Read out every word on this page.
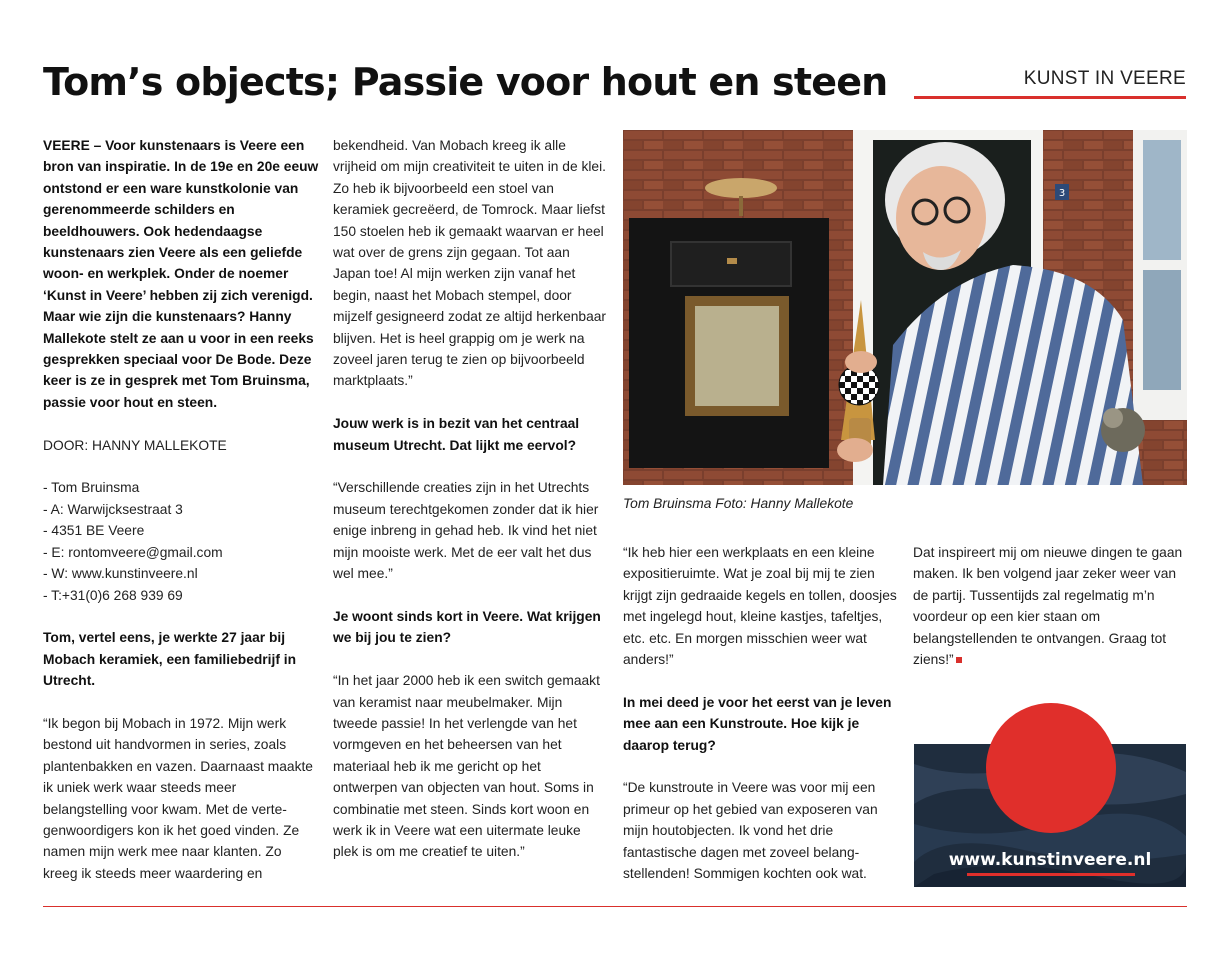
Tom’s objects; Passie voor hout en steen	KUNST IN VEERE

VEERE – Voor kunstenaars is Veere een bron van inspiratie. In de 19e en 20e eeuw ontstond er een ware kunstkolonie van gerenommeerde schilders en beeldhouwers. Ook hedendaagse kunstenaars zien Veere als een geliefde woon- en werkplek. Onder de noemer ‘Kunst in Veere’ hebben zij zich verenigd. Maar wie zijn die kunstenaars? Hanny Mallekote stelt ze aan u voor in een reeks gesprekken speciaal voor De Bode. Deze keer is ze in gesprek met Tom Bruinsma, passie voor hout en steen.

DOOR: HANNY MALLEKOTE

- Tom Bruinsma

- A: Warwijcksestraat 3

- 4351 BE Veere

- E: rontomveere@gmail.com

- W: www.kunstinveere.nl

- T:+31(0)6 268 939 69

Tom, vertel eens, je werkte 27 jaar bij Mobach keramiek, een familiebedrijf in Utrecht.

“Ik begon bij Mobach in 1972. Mijn werk bestond uit handvormen in series, zoals plantenbakken en vazen. Daarnaast maakte ik uniek werk waar steeds meer belangstelling voor kwam. Met de verte-genwoordigers kon ik het goed vinden. Ze namen mijn werk mee naar klanten. Zo kreeg ik steeds meer waardering en

bekendheid. Van Mobach kreeg ik alle vrijheid om mijn creativiteit te uiten in de klei. Zo heb ik bijvoorbeeld een stoel van keramiek gecreëerd, de Tomrock. Maar liefst 150 stoelen heb ik gemaakt waarvan er heel wat over de grens zijn gegaan. Tot aan Japan toe! Al mijn werken zijn vanaf het begin, naast het Mobach stempel, door mijzelf gesigneerd zodat ze altijd herkenbaar blijven. Het is heel grappig om je werk na zoveel jaren terug te zien op bijvoorbeeld marktplaats.”

Jouw werk is in bezit van het centraal museum Utrecht. Dat lijkt me eervol?

“Verschillende creaties zijn in het Utrechts museum terechtgekomen zonder dat ik hier enige inbreng in gehad heb. Ik vind het niet mijn mooiste werk. Met de eer valt het dus wel mee.”

Je woont sinds kort in Veere. Wat krijgen we bij jou te zien?

“In het jaar 2000 heb ik een switch gemaakt van keramist naar meubelmaker. Mijn tweede passie! In het verlengde van het vormgeven en het beheersen van het materiaal heb ik me gericht op het ontwerpen van objecten van hout. Soms in combinatie met steen. Sinds kort woon en werk ik in Veere wat een uitermate leuke plek is om me creatief te uiten.”

3
Tom Bruinsma Foto: Hanny Mallekote

“Ik heb hier een werkplaats en een kleine expositieruimte. Wat je zoal bij mij te zien krijgt zijn gedraaide kegels en tollen, doosjes met ingelegd hout, kleine kastjes, tafeltjes, etc. etc. En morgen misschien weer wat anders!”

In mei deed je voor het eerst van je leven mee aan een Kunstroute. Hoe kijk je daarop terug?

“De kunstroute in Veere was voor mij een primeur op het gebied van exposeren van mijn houtobjecten. Ik vond het drie fantastische dagen met zoveel belang-stellenden! Sommigen kochten ook wat.

Dat inspireert mij om nieuwe dingen te gaan maken. Ik ben volgend jaar zeker weer van de partij. Tussentijds zal regelmatig m’n voordeur op een kier staan om belangstellenden te ontvangen. Graag tot ziens!”

www.kunstinveere.nl
